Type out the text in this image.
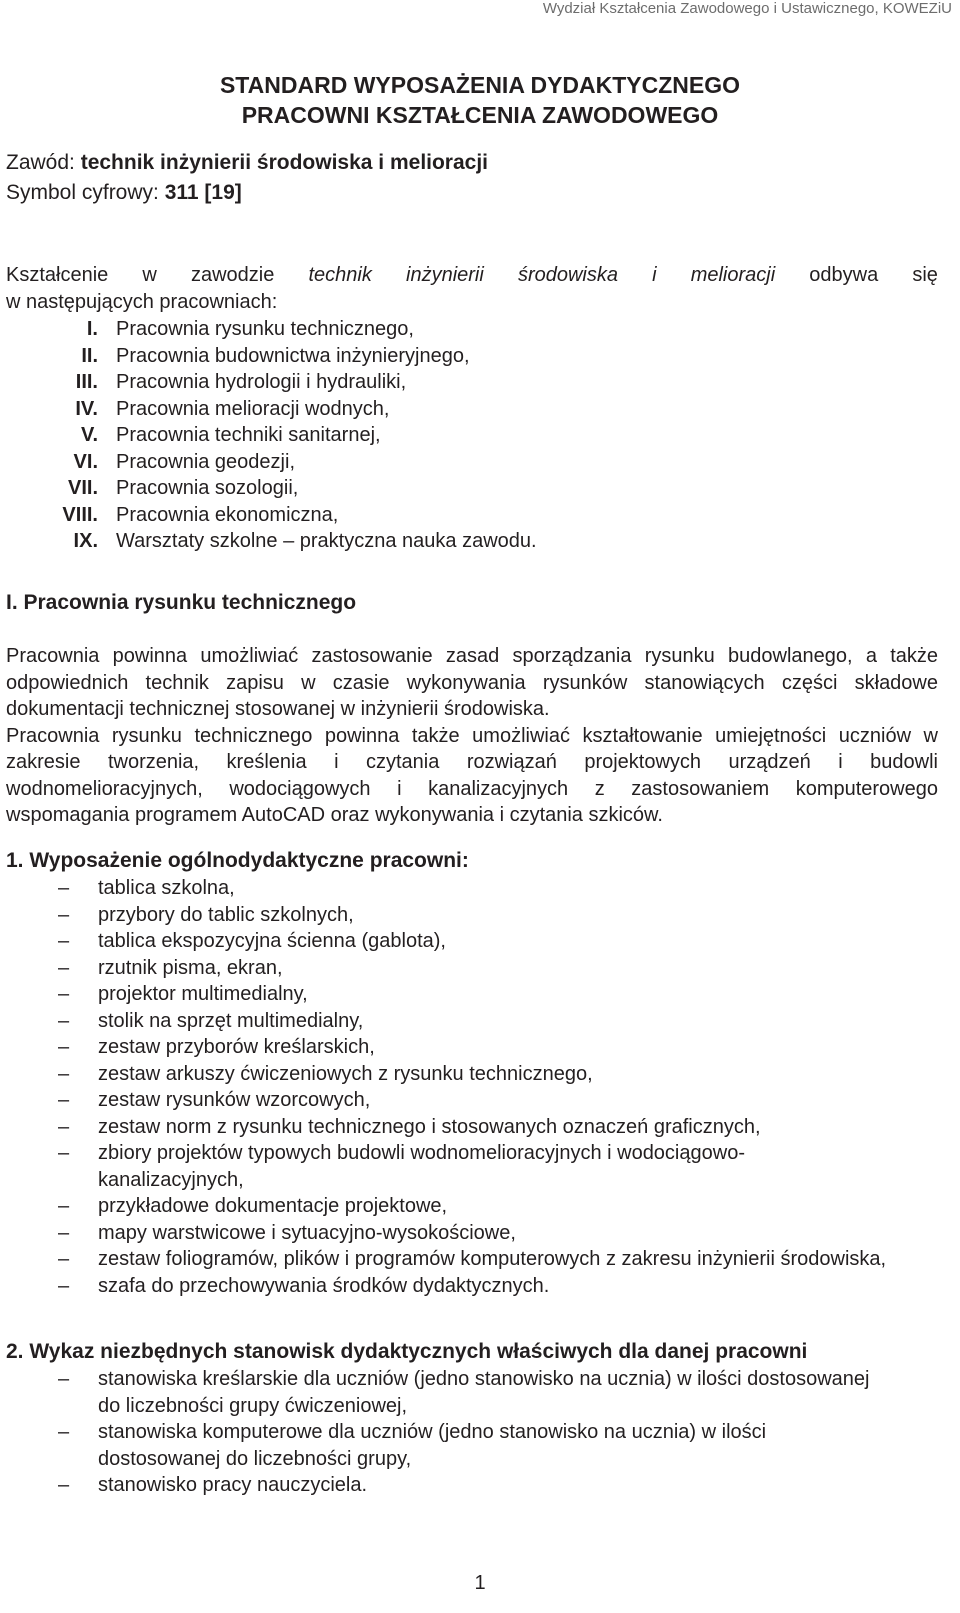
Wydział Kształcenia Zawodowego i Ustawicznego, KOWEZiU
STANDARD WYPOSAŻENIA DYDAKTYCZNEGO
PRACOWNI KSZTAŁCENIA ZAWODOWEGO
Zawód: technik inżynierii środowiska i melioracji
Symbol cyfrowy: 311 [19]
Kształcenie w zawodzie technik inżynierii środowiska i melioracji odbywa się
w następujących pracowniach:
I. Pracownia rysunku technicznego,
II. Pracownia budownictwa inżynieryjnego,
III. Pracownia hydrologii i hydrauliki,
IV. Pracownia melioracji wodnych,
V. Pracownia techniki sanitarnej,
VI. Pracownia geodezji,
VII. Pracownia sozologii,
VIII. Pracownia ekonomiczna,
IX. Warsztaty szkolne – praktyczna nauka zawodu.
I. Pracownia rysunku technicznego

Pracownia powinna umożliwiać zastosowanie zasad sporządzania rysunku budowlanego, a także odpowiednich technik zapisu w czasie wykonywania rysunków stanowiących części składowe dokumentacji technicznej stosowanej w inżynierii środowiska.

Pracownia rysunku technicznego powinna także umożliwiać kształtowanie umiejętności uczniów w zakresie tworzenia, kreślenia i czytania rozwiązań projektowych urządzeń i budowli wodnomelioracyjnych, wodociągowych i kanalizacyjnych z zastosowaniem komputerowego wspomagania programem AutoCAD oraz wykonywania i czytania szkiców.

1. Wyposażenie ogólnodydaktyczne pracowni:
– tablica szkolna,
– przybory do tablic szkolnych,
– tablica ekspozycyjna ścienna (gablota),
– rzutnik pisma, ekran,
– projektor multimedialny,
– stolik na sprzęt multimedialny,
– zestaw przyborów kreślarskich,
– zestaw arkuszy ćwiczeniowych z rysunku technicznego,
– zestaw rysunków wzorcowych,
– zestaw norm z rysunku technicznego i stosowanych oznaczeń graficznych,
– zbiory projektów typowych budowli wodnomelioracyjnych i wodociągowo-kanalizacyjnych,
– przykładowe dokumentacje projektowe,
– mapy warstwicowe i sytuacyjno-wysokościowe,
– zestaw foliogramów, plików i programów komputerowych z zakresu inżynierii środowiska,
– szafa do przechowywania środków dydaktycznych.
2. Wykaz niezbędnych stanowisk dydaktycznych właściwych dla danej pracowni
– stanowiska kreślarskie dla uczniów (jedno stanowisko na ucznia) w ilości dostosowanej do liczebności grupy ćwiczeniowej,
– stanowiska komputerowe dla uczniów (jedno stanowisko na ucznia) w ilości dostosowanej do liczebności grupy,
– stanowisko pracy nauczyciela.
1
